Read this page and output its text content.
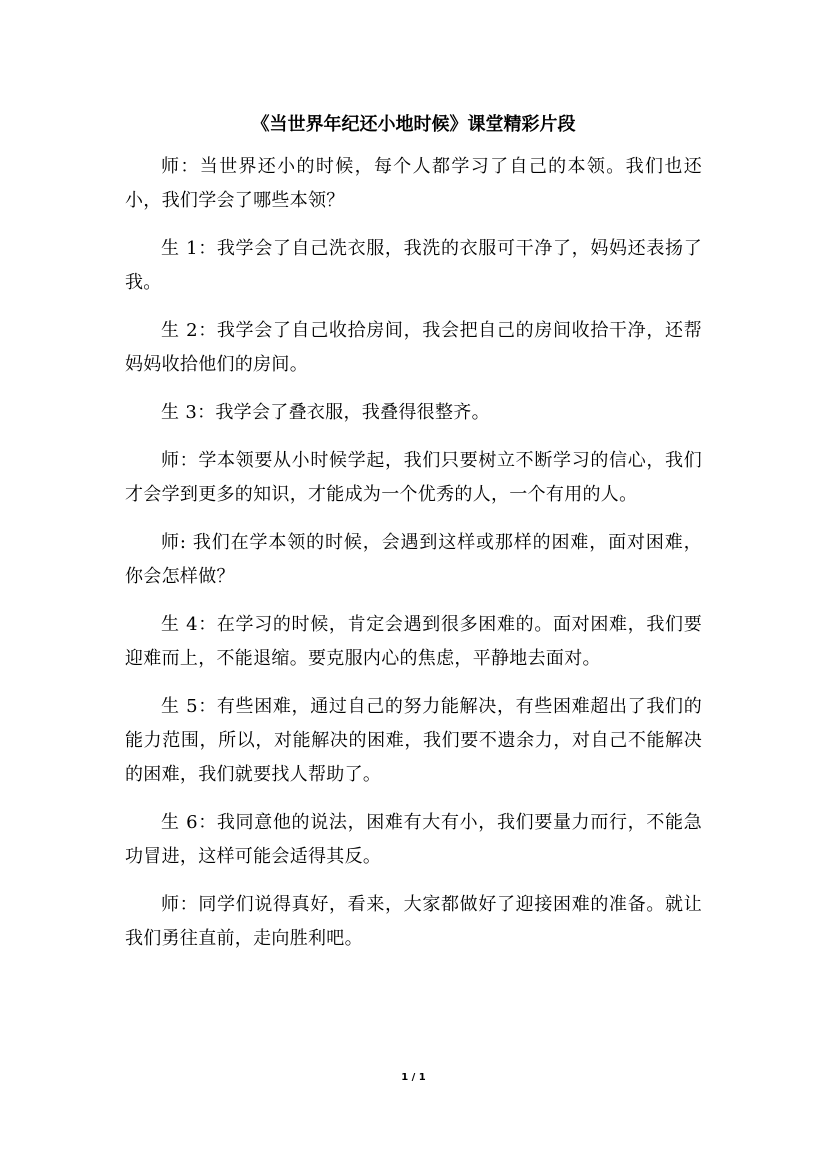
《当世界年纪还小地时候》课堂精彩片段

师：当世界还小的时候，每个人都学习了自己的本领。我们也还小，我们学会了哪些本领？

生 1：我学会了自己洗衣服，我洗的衣服可干净了，妈妈还表扬了我。

生 2：我学会了自己收拾房间，我会把自己的房间收拾干净，还帮妈妈收拾他们的房间。

生 3：我学会了叠衣服，我叠得很整齐。

师：学本领要从小时候学起，我们只要树立不断学习的信心，我们才会学到更多的知识，才能成为一个优秀的人，一个有用的人。

师: 我们在学本领的时候，会遇到这样或那样的困难，面对困难，你会怎样做？

生 4：在学习的时候，肯定会遇到很多困难的。面对困难，我们要迎难而上，不能退缩。要克服内心的焦虑，平静地去面对。

生 5：有些困难，通过自己的努力能解决，有些困难超出了我们的能力范围，所以，对能解决的困难，我们要不遗余力，对自己不能解决的困难，我们就要找人帮助了。

生 6：我同意他的说法，困难有大有小，我们要量力而行，不能急功冒进，这样可能会适得其反。

师：同学们说得真好，看来，大家都做好了迎接困难的准备。就让我们勇往直前，走向胜利吧。

1 / 1
